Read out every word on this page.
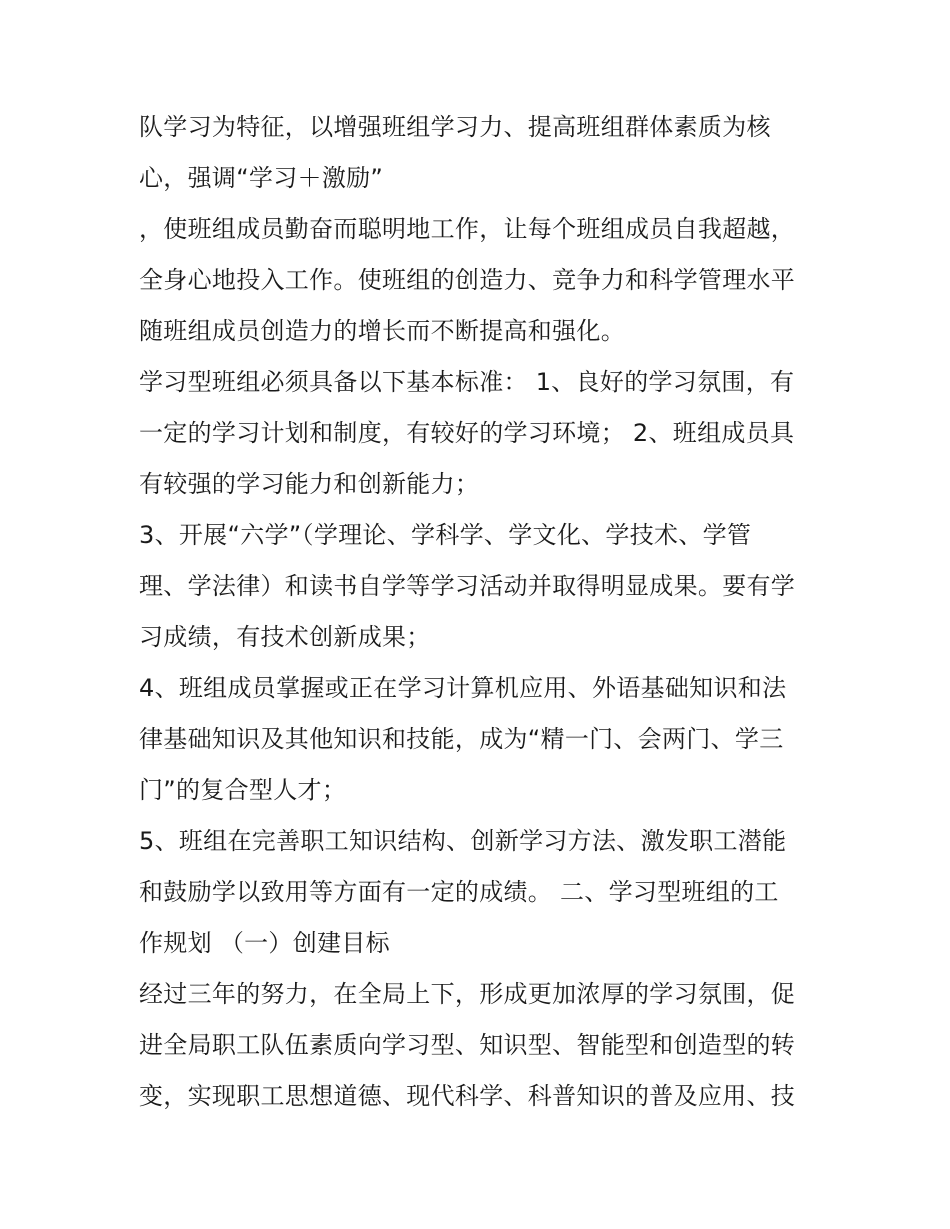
队学习为特征，以增强班组学习力、提高班组群体素质为核
心，强调“学习＋激励”
，使班组成员勤奋而聪明地工作，让每个班组成员自我超越，
全身心地投入工作。使班组的创造力、竞争力和科学管理水平
随班组成员创造力的增长而不断提高和强化。
学习型班组必须具备以下基本标准： 1、良好的学习氛围，有
一定的学习计划和制度，有较好的学习环境； 2、班组成员具
有较强的学习能力和创新能力；
3、开展“六学”（学理论、学科学、学文化、学技术、学管
理、学法律）和读书自学等学习活动并取得明显成果。要有学
习成绩，有技术创新成果；
4、班组成员掌握或正在学习计算机应用、外语基础知识和法
律基础知识及其他知识和技能，成为“精一门、会两门、学三
门”的复合型人才；
5、班组在完善职工知识结构、创新学习方法、激发职工潜能
和鼓励学以致用等方面有一定的成绩。 二、学习型班组的工
作规划 （一）创建目标
经过三年的努力，在全局上下，形成更加浓厚的学习氛围，促
进全局职工队伍素质向学习型、知识型、智能型和创造型的转
变，实现职工思想道德、现代科学、科普知识的普及应用、技
